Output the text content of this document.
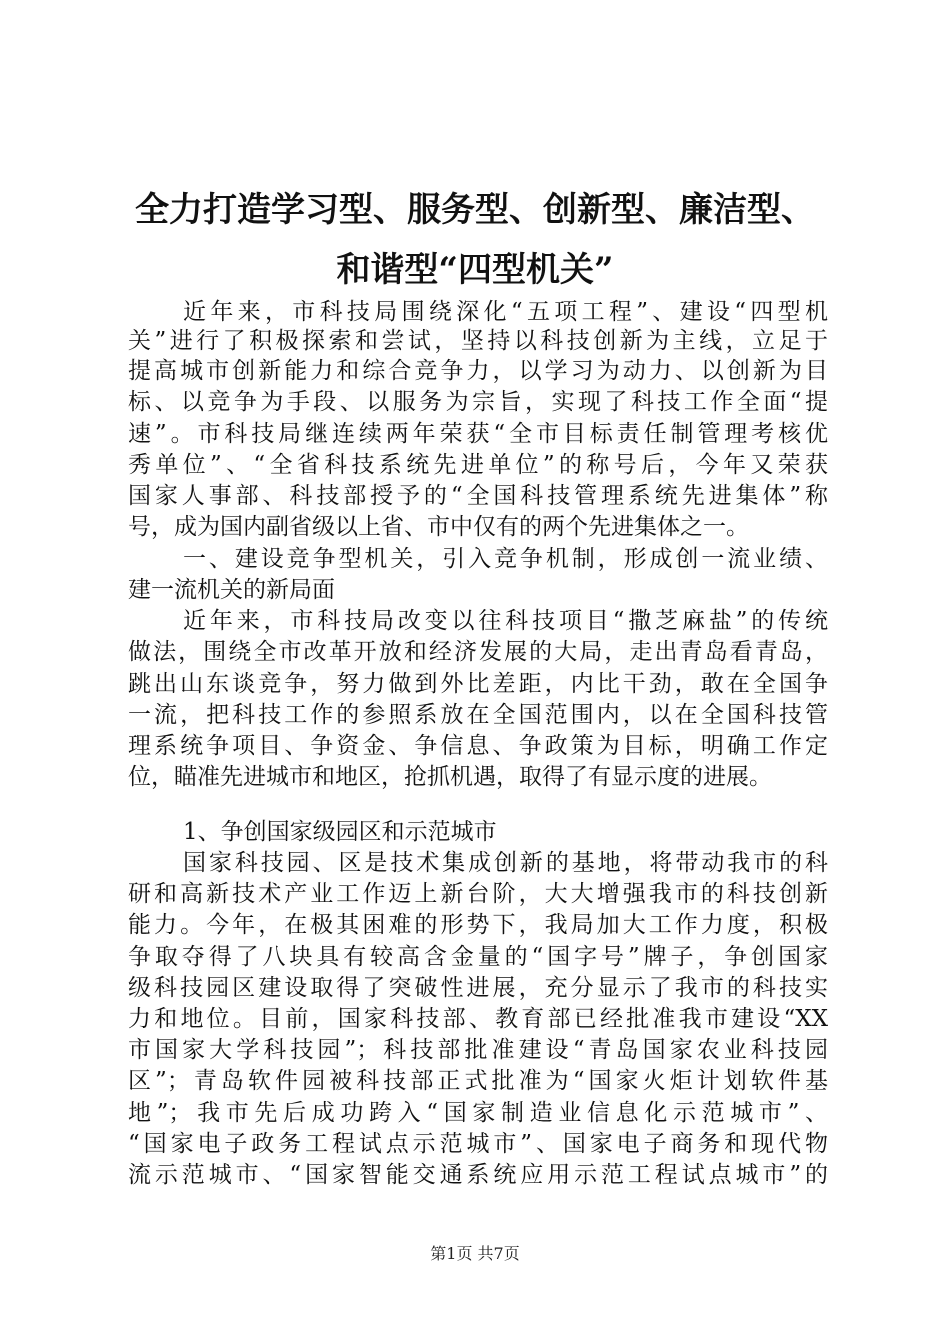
全力打造学习型、服务型、创新型、廉洁型、
和谐型“四型机关”
近年来，市科技局围绕深化“五项工程”、建设“四型机
关”进行了积极探索和尝试，坚持以科技创新为主线，立足于
提高城市创新能力和综合竞争力，以学习为动力、以创新为目
标、以竞争为手段、以服务为宗旨，实现了科技工作全面“提
速”。市科技局继连续两年荣获“全市目标责任制管理考核优
秀单位”、“全省科技系统先进单位”的称号后，今年又荣获
国家人事部、科技部授予的“全国科技管理系统先进集体”称
号，成为国内副省级以上省、市中仅有的两个先进集体之一。
一、建设竞争型机关，引入竞争机制，形成创一流业绩、
建一流机关的新局面
近年来，市科技局改变以往科技项目“撒芝麻盐”的传统
做法，围绕全市改革开放和经济发展的大局，走出青岛看青岛，
跳出山东谈竞争，努力做到外比差距，内比干劲，敢在全国争
一流，把科技工作的参照系放在全国范围内，以在全国科技管
理系统争项目、争资金、争信息、争政策为目标，明确工作定
位，瞄准先进城市和地区，抢抓机遇，取得了有显示度的进展。
1、争创国家级园区和示范城市
国家科技园、区是技术集成创新的基地，将带动我市的科
研和高新技术产业工作迈上新台阶，大大增强我市的科技创新
能力。今年，在极其困难的形势下，我局加大工作力度，积极
争取夺得了八块具有较高含金量的“国字号”牌子，争创国家
级科技园区建设取得了突破性进展，充分显示了我市的科技实
力和地位。目前，国家科技部、教育部已经批准我市建设“XX
市国家大学科技园”；科技部批准建设“青岛国家农业科技园
区”；青岛软件园被科技部正式批准为“国家火炬计划软件基
地”；我市先后成功跨入“国家制造业信息化示范城市”、
“国家电子政务工程试点示范城市”、国家电子商务和现代物
流示范城市、“国家智能交通系统应用示范工程试点城市”的
第1页 共7页
